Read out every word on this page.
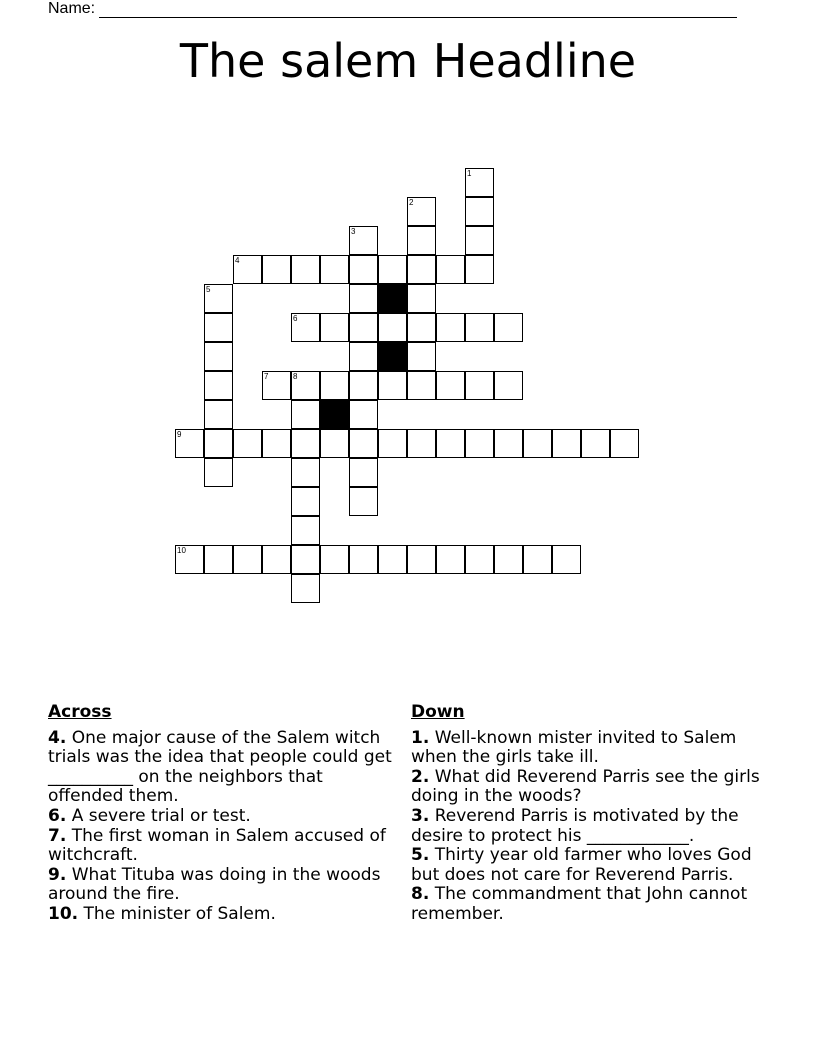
Name:
The salem Headline
1
2
3
4
5
6
7	8
9
10
Across
4. One major cause of the Salem witch trials was the idea that people could get __________ on the neighbors that offended them.
6. A severe trial or test.
7. The first woman in Salem accused of witchcraft.
9. What Tituba was doing in the woods around the fire.
10. The minister of Salem.
Down
1. Well-known mister invited to Salem when the girls take ill.
2. What did Reverend Parris see the girls doing in the woods?
3. Reverend Parris is motivated by the desire to protect his ____________.
5. Thirty year old farmer who loves God but does not care for Reverend Parris.
8. The commandment that John cannot remember.
